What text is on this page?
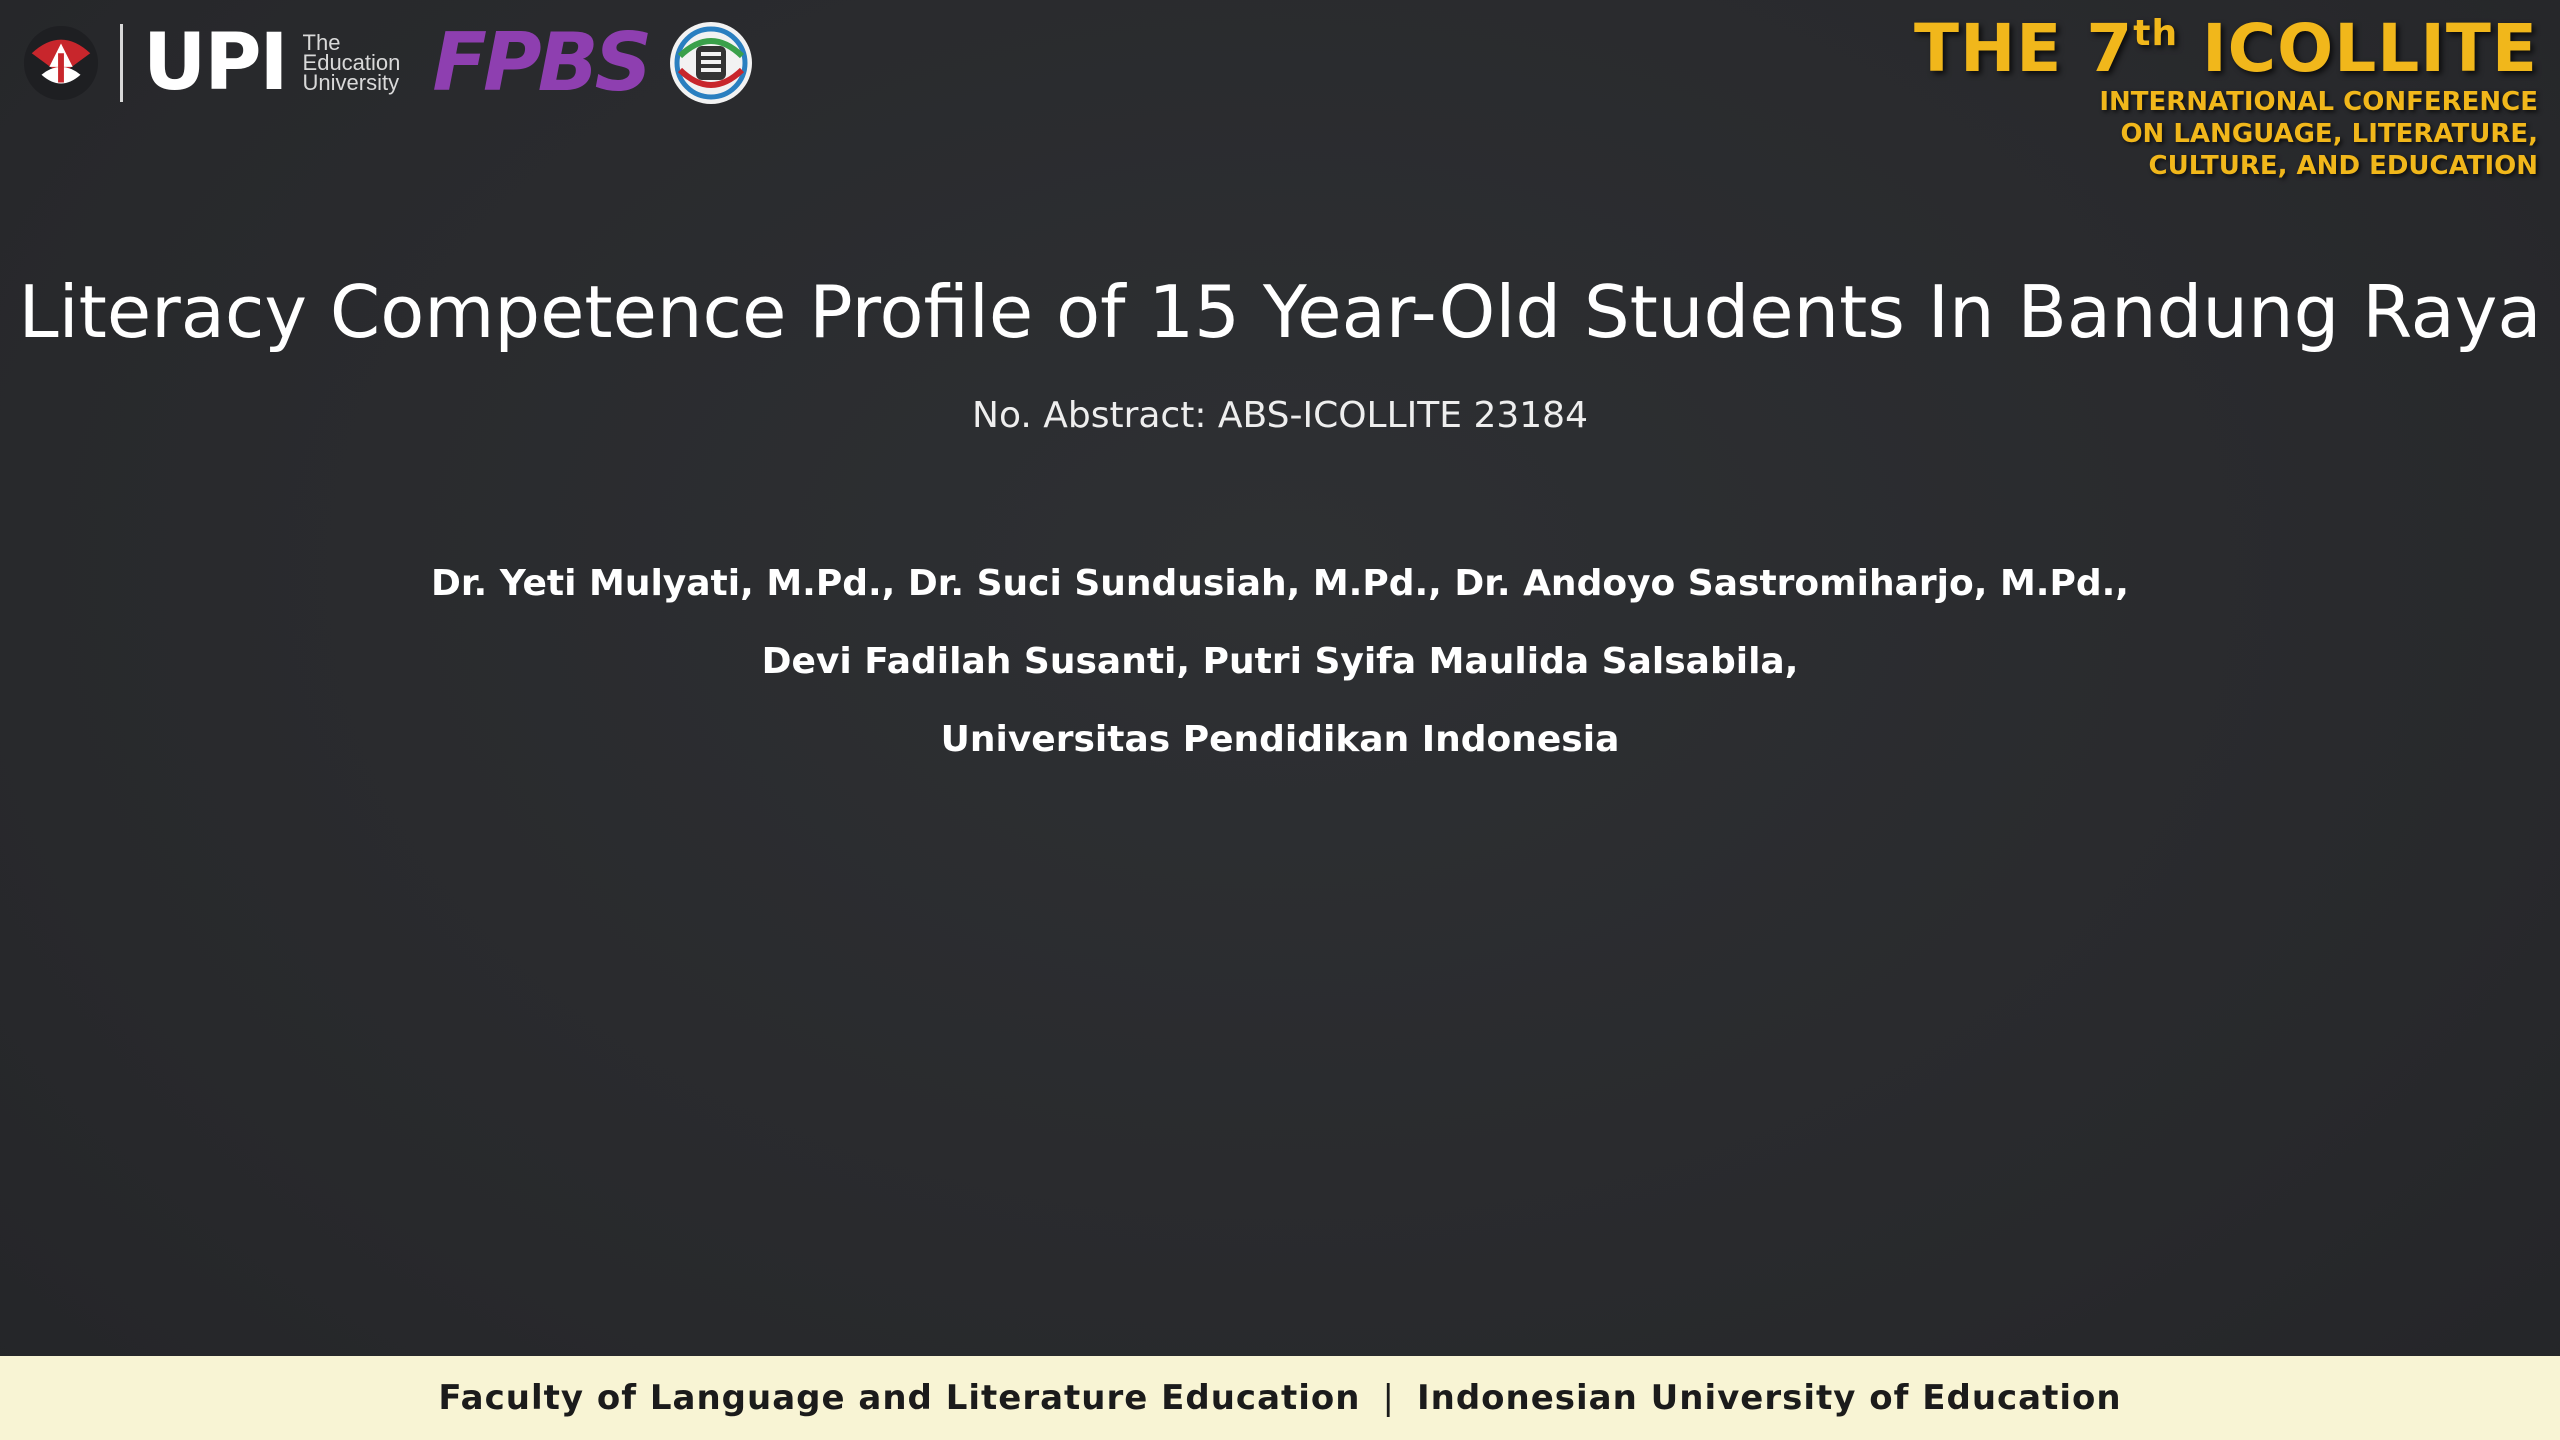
UPI The
Education
University FPBS	THE 7th ICOLLITE
INTERNATIONAL CONFERENCE
ON LANGUAGE, LITERATURE,
CULTURE, AND EDUCATION
Literacy Competence Profile of 15 Year-Old Students In Bandung Raya
No. Abstract: ABS-ICOLLITE 23184
Dr. Yeti Mulyati, M.Pd., Dr. Suci Sundusiah, M.Pd., Dr. Andoyo Sastromiharjo, M.Pd.,
Devi Fadilah Susanti, Putri Syifa Maulida Salsabila,
Universitas Pendidikan Indonesia
Faculty of Language and Literature Education | Indonesian University of Education
